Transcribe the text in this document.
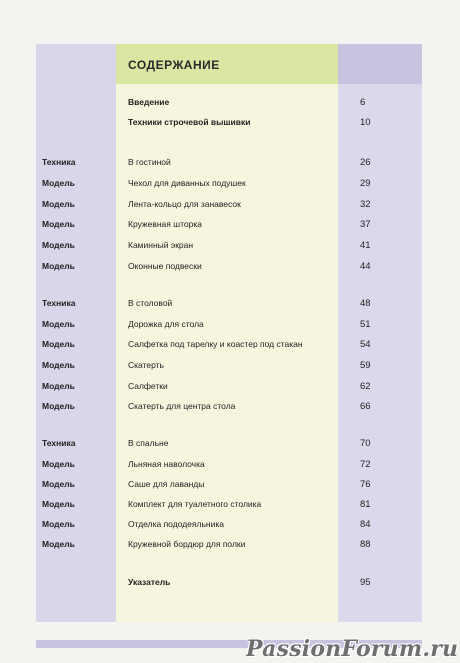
СОДЕРЖАНИЕ
Введение	6
Техники строчевой вышивки	10
Техника	В гостиной	26
Модель	Чехол для диванных подушек	29
Модель	Лента-кольцо для занавесок	32
Модель	Кружевная шторка	37
Модель	Каминный экран	41
Модель	Оконные подвески	44
Техника	В столовой	48
Модель	Дорожка для стола	51
Модель	Салфетка под тарелку и коастер под стакан	54
Модель	Скатерть	59
Модель	Салфетки	62
Модель	Скатерть для центра стола	66
Техника	В спальне	70
Модель	Льняная наволочка	72
Модель	Саше для лаванды	76
Модель	Комплект для туалетного столика	81
Модель	Отделка пододеяльника	84
Модель	Кружевной бордюр для полки	88
Указатель	95
PassionForum.ru
